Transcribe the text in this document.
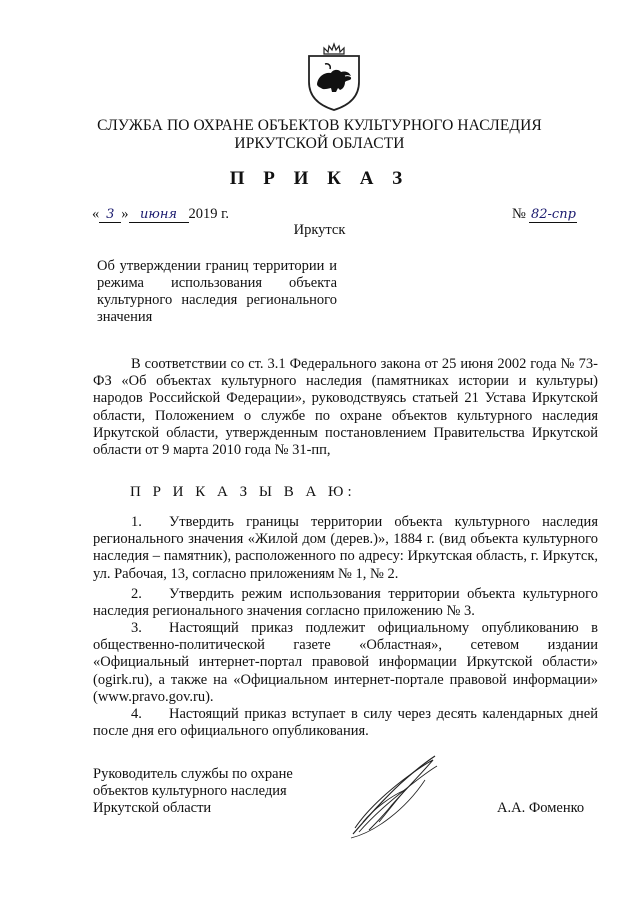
СЛУЖБА ПО ОХРАНЕ ОБЪЕКТОВ КУЛЬТУРНОГО НАСЛЕДИЯ
ИРКУТСКОЙ ОБЛАСТИ
П Р И К А З
« 3 » июня 2019 г.	№ 82-спр
Иркутск
Об утверждении границ территории и режима использования объекта культурного наследия регионального значения
В соответствии со ст. 3.1 Федерального закона от 25 июня 2002 года № 73-ФЗ «Об объектах культурного наследия (памятниках истории и культуры) народов Российской Федерации», руководствуясь статьей 21 Устава Иркутской области, Положением о службе по охране объектов культурного наследия Иркутской области, утвержденным постановлением Правительства Иркутской области от 9 марта 2010 года № 31-пп,
П Р И К А З Ы В А Ю:
1. Утвердить границы территории объекта культурного наследия регионального значения «Жилой дом (дерев.)», 1884 г. (вид объекта культурного наследия – памятник), расположенного по адресу: Иркутская область, г. Иркутск, ул. Рабочая, 13, согласно приложениям № 1, № 2.
2. Утвердить режим использования территории объекта культурного наследия регионального значения согласно приложению № 3.
3. Настоящий приказ подлежит официальному опубликованию в общественно-политической газете «Областная», сетевом издании «Официальный интернет-портал правовой информации Иркутской области» (ogirk.ru), а также на «Официальном интернет-портале правовой информации» (www.pravo.gov.ru).
4. Настоящий приказ вступает в силу через десять календарных дней после дня его официального опубликования.
Руководитель службы по охране
объектов культурного наследия
Иркутской области	А.А. Фоменко
